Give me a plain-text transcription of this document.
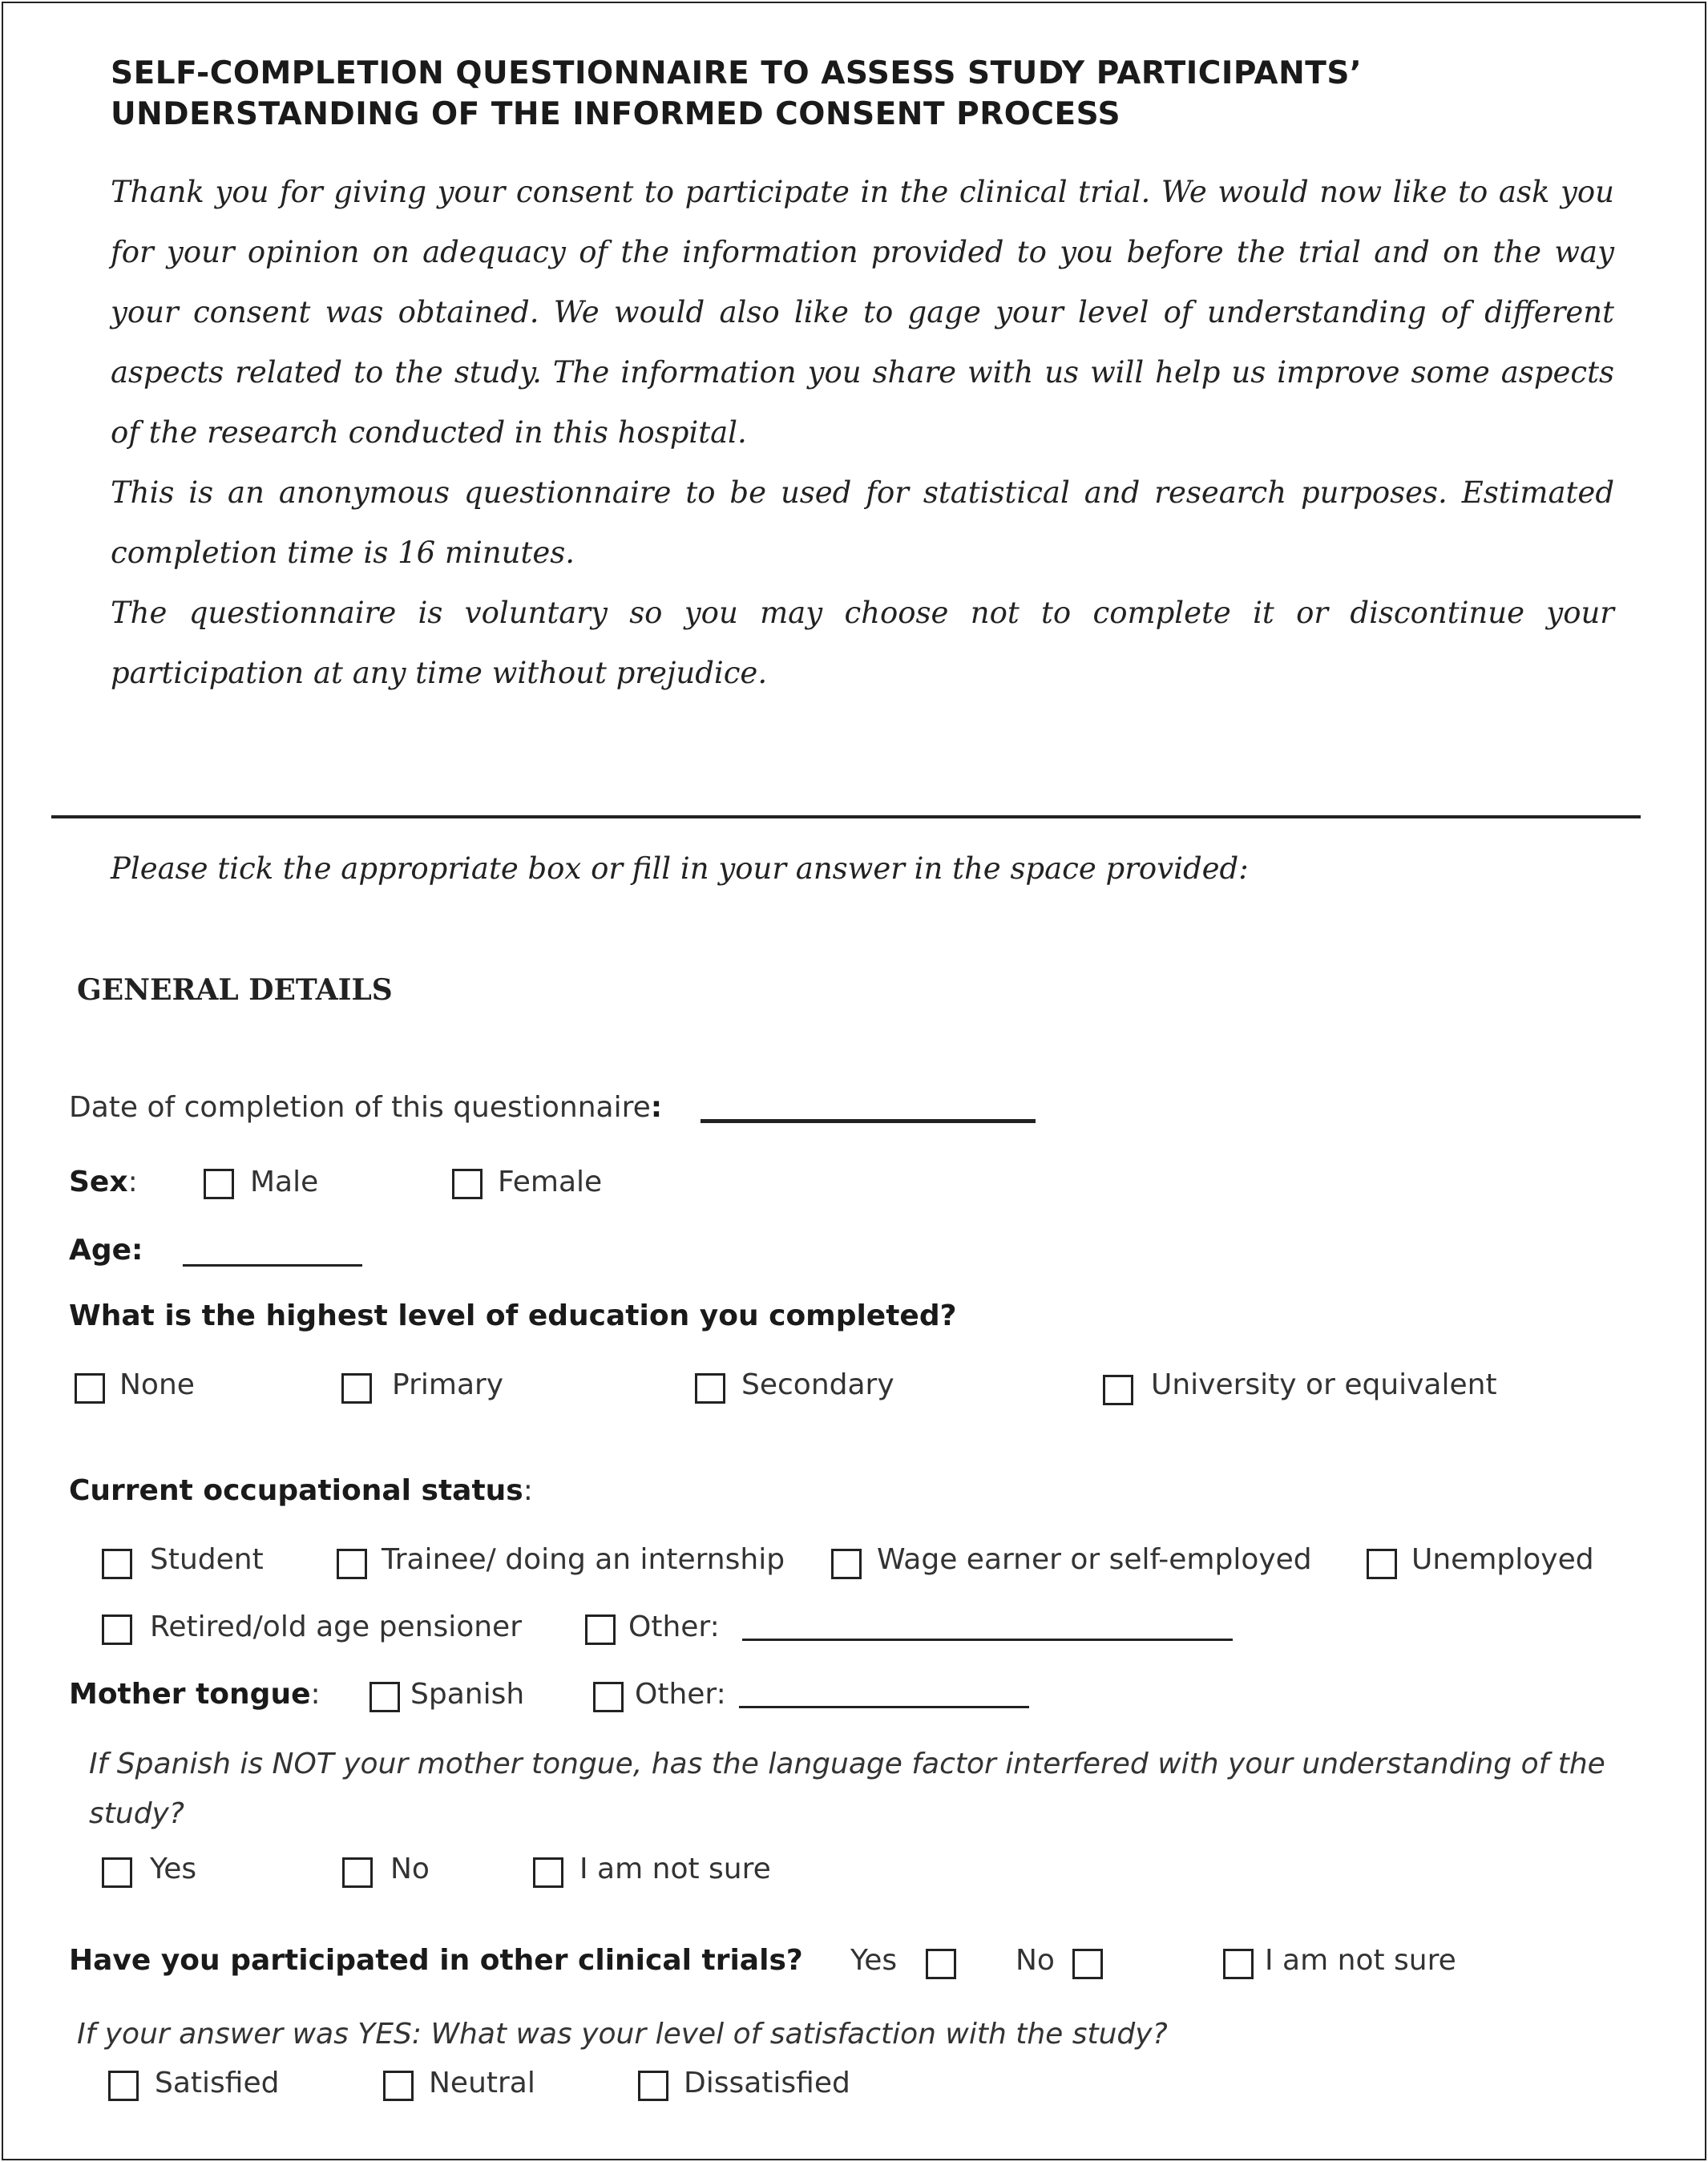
SELF-COMPLETION QUESTIONNAIRE TO ASSESS STUDY PARTICIPANTS’
UNDERSTANDING OF THE INFORMED CONSENT PROCESS

Thank you for giving your consent to participate in the clinical trial. We would now like to ask you for your opinion on adequacy of the information provided to you before the trial and on the way your consent was obtained. We would also like to gage your level of understanding of different aspects related to the study. The information you share with us will help us improve some aspects of the research conducted in this hospital.

This is an anonymous questionnaire to be used for statistical and research purposes. Estimated completion time is 16 minutes.

The questionnaire is voluntary so you may choose not to complete it or discontinue your participation at any time without prejudice.

Please tick the appropriate box or fill in your answer in the space provided:
GENERAL DETAILS
Date of completion of this questionnaire:
Sex:	Male	Female
Age:
What is the highest level of education you completed?
None	Primary	Secondary	University or equivalent
Current occupational status:
Student	Trainee/ doing an internship	Wage earner or self-employed	Unemployed
Retired/old age pensioner	Other:
Mother tongue:	Spanish	Other:
If Spanish is NOT your mother tongue, has the language factor interfered with your understanding of the
study?
Yes	No	I am not sure
Have you participated in other clinical trials? Yes	No	I am not sure
If your answer was YES: What was your level of satisfaction with the study?
Satisfied	Neutral	Dissatisfied
